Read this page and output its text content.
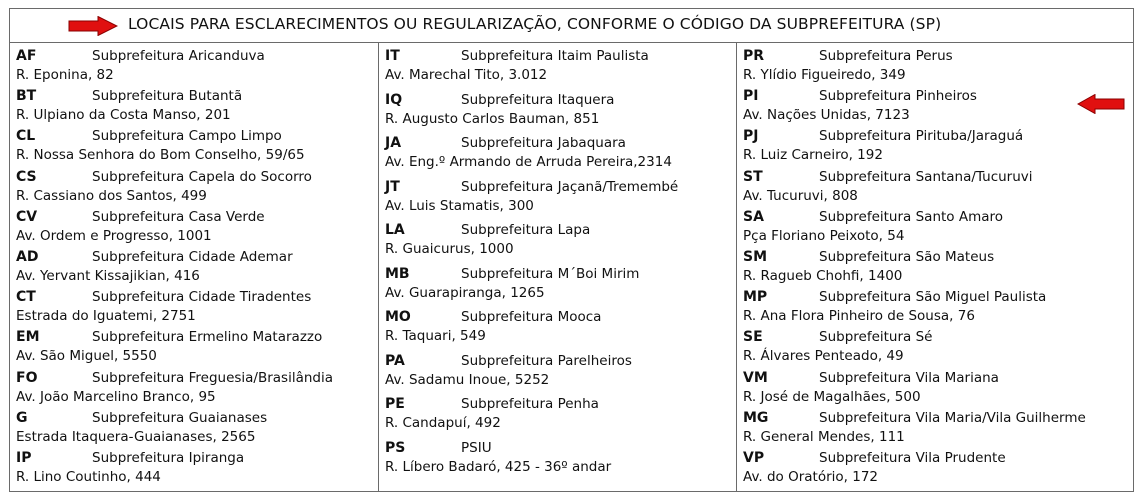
LOCAIS PARA ESCLARECIMENTOS OU REGULARIZAÇÃO, CONFORME O CÓDIGO DA SUBPREFEITURA (SP)
AF	Subprefeitura Aricanduva
R. Eponina, 82
BT	Subprefeitura Butantã
R. Ulpiano da Costa Manso, 201
CL	Subprefeitura Campo Limpo
R. Nossa Senhora do Bom Conselho, 59/65
CS	Subprefeitura Capela do Socorro
R. Cassiano dos Santos, 499
CV	Subprefeitura Casa Verde
Av. Ordem e Progresso, 1001
AD	Subprefeitura Cidade Ademar
Av. Yervant Kissajikian, 416
CT	Subprefeitura Cidade Tiradentes
Estrada do Iguatemi, 2751
EM	Subprefeitura Ermelino Matarazzo
Av. São Miguel, 5550
FO	Subprefeitura Freguesia/Brasilândia
Av. João Marcelino Branco, 95
G	Subprefeitura Guaianases
Estrada Itaquera-Guaianases, 2565
IP	Subprefeitura Ipiranga
R. Lino Coutinho, 444
IT	Subprefeitura Itaim Paulista
Av. Marechal Tito, 3.012
IQ	Subprefeitura Itaquera
R. Augusto Carlos Bauman, 851
JA	Subprefeitura Jabaquara
Av. Eng.º Armando de Arruda Pereira,2314
JT	Subprefeitura Jaçanã/Tremembé
Av. Luis Stamatis, 300
LA	Subprefeitura Lapa
R. Guaicurus, 1000
MB	Subprefeitura M´Boi Mirim
Av. Guarapiranga, 1265
MO	Subprefeitura Mooca
R. Taquari, 549
PA	Subprefeitura Parelheiros
Av. Sadamu Inoue, 5252
PE	Subprefeitura Penha
R. Candapuí, 492
PS	PSIU
R. Líbero Badaró, 425 - 36º andar
PR	Subprefeitura Perus
R. Ylídio Figueiredo, 349
PI	Subprefeitura Pinheiros
Av. Nações Unidas, 7123
PJ	Subprefeitura Pirituba/Jaraguá
R. Luiz Carneiro, 192
ST	Subprefeitura Santana/Tucuruvi
Av. Tucuruvi, 808
SA	Subprefeitura Santo Amaro
Pça Floriano Peixoto, 54
SM	Subprefeitura São Mateus
R. Ragueb Chohfi, 1400
MP	Subprefeitura São Miguel Paulista
R. Ana Flora Pinheiro de Sousa, 76
SE	Subprefeitura Sé
R. Álvares Penteado, 49
VM	Subprefeitura Vila Mariana
R. José de Magalhães, 500
MG	Subprefeitura Vila Maria/Vila Guilherme
R. General Mendes, 111
VP	Subprefeitura Vila Prudente
Av. do Oratório, 172
